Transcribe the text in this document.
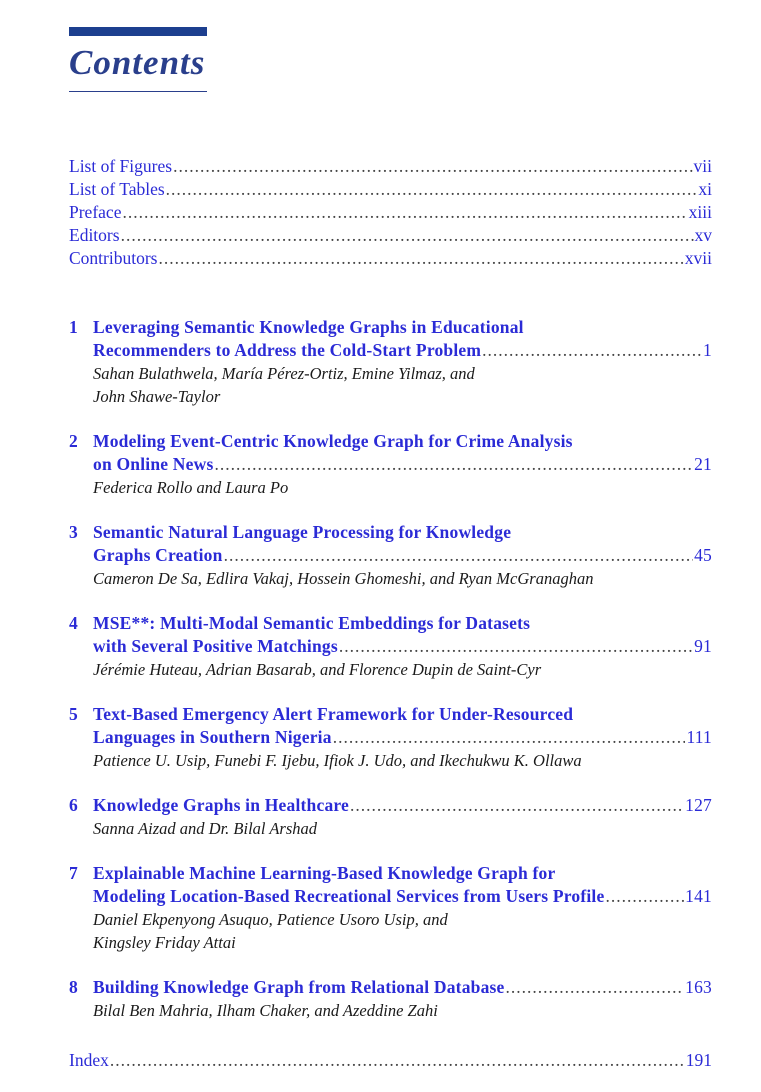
Contents
List of Figures .....	vii
List of Tables .....	xi
Preface .....	xiii
Editors .....	xv
Contributors .....	xvii
1 Leveraging Semantic Knowledge Graphs in Educational
Recommenders to Address the Cold-Start Problem .....	1
Sahan Bulathwela, María Pérez-Ortiz, Emine Yilmaz, and
John Shawe-Taylor
2 Modeling Event-Centric Knowledge Graph for Crime Analysis
on Online News .....	21
Federica Rollo and Laura Po
3 Semantic Natural Language Processing for Knowledge
Graphs Creation .....	45
Cameron De Sa, Edlira Vakaj, Hossein Ghomeshi, and Ryan McGranaghan
4 MSE**: Multi-Modal Semantic Embeddings for Datasets
with Several Positive Matchings .....	91
Jérémie Huteau, Adrian Basarab, and Florence Dupin de Saint-Cyr
5 Text-Based Emergency Alert Framework for Under-Resourced
Languages in Southern Nigeria .....	111
Patience U. Usip, Funebi F. Ijebu, Ifiok J. Udo, and Ikechukwu K. Ollawa
6 Knowledge Graphs in Healthcare .....	127
Sanna Aizad and Dr. Bilal Arshad
7 Explainable Machine Learning-Based Knowledge Graph for
Modeling Location-Based Recreational Services from Users Profile .....	141
Daniel Ekpenyong Asuquo, Patience Usoro Usip, and
Kingsley Friday Attai
8 Building Knowledge Graph from Relational Database .....	163
Bilal Ben Mahria, Ilham Chaker, and Azeddine Zahi
Index .....	191
